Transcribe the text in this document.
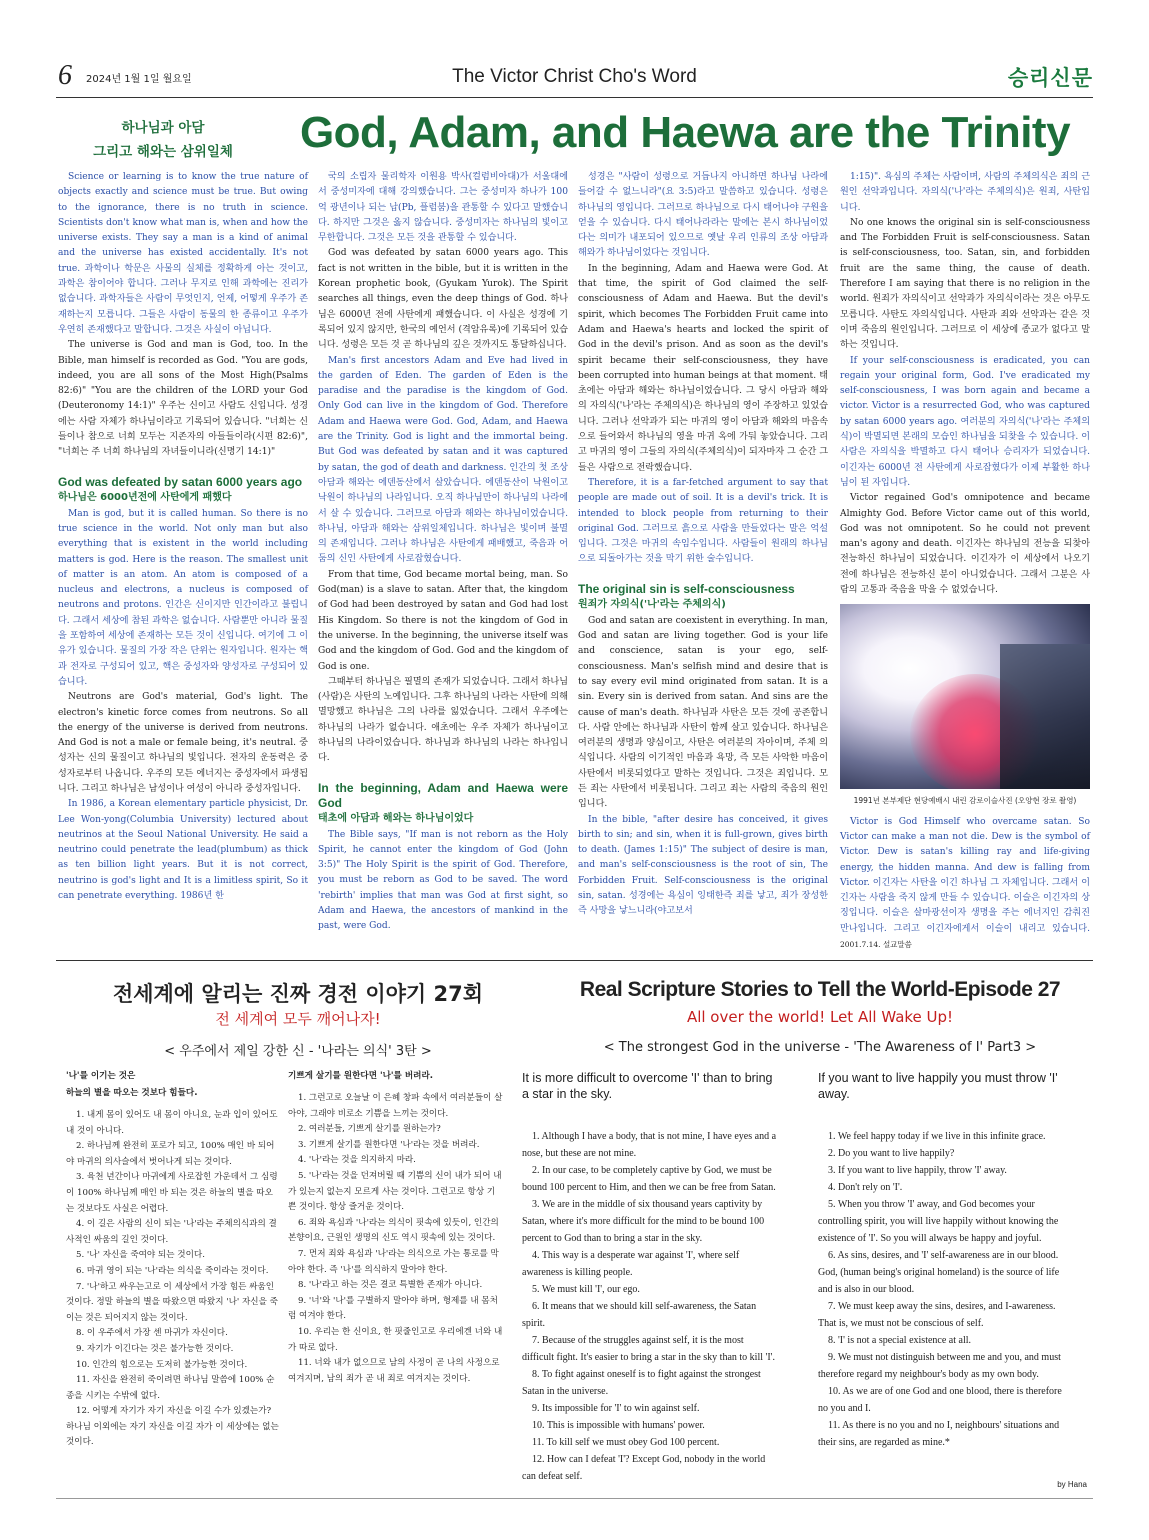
6 2024년 1월 1일 월요일	The Victor Christ Cho's Word	승리신문
하나님과 아담
그리고 해와는 삼위일체	God, Adam, and Haewa are the Trinity

Science or learning is to know the true nature of objects exactly and science must be true. But owing to the ignorance, there is no truth in science. Scientists don't know what man is, when and how the universe exists. They say a man is a kind of animal and the universe has existed accidentally. It's not true. 과학이나 학문은 사물의 실체를 정확하게 아는 것이고, 과학은 참이어야 합니다. 그러나 무지로 인해 과학에는 진리가 없습니다. 과학자들은 사람이 무엇인지, 언제, 어떻게 우주가 존재하는지 모릅니다. 그들은 사람이 동물의 한 종류이고 우주가 우연히 존재했다고 말합니다. 그것은 사실이 아닙니다.

The universe is God and man is God, too. In the Bible, man himself is recorded as God. "You are gods, indeed, you are all sons of the Most High(Psalms 82:6)" "You are the children of the LORD your God (Deuteronomy 14:1)" 우주는 신이고 사람도 신입니다. 성경에는 사람 자체가 하나님이라고 기록되어 있습니다. "너희는 신들이나 참으로 너희 모두는 지존자의 아들들이라(시편 82:6)", "너희는 주 너희 하나님의 자녀들이니라(신명기 14:1)"

God was defeated by satan 6000 years ago
하나님은 6000년전에 사탄에게 패했다

Man is god, but it is called human. So there is no true science in the world. Not only man but also everything that is existent in the world including matters is god. Here is the reason. The smallest unit of matter is an atom. An atom is composed of a nucleus and electrons, a nucleus is composed of neutrons and protons. 인간은 신이지만 인간이라고 불립니다. 그래서 세상에 참된 과학은 없습니다. 사람뿐만 아니라 물질을 포함하여 세상에 존재하는 모든 것이 신입니다. 여기에 그 이유가 있습니다. 물질의 가장 작은 단위는 원자입니다. 원자는 핵과 전자로 구성되어 있고, 핵은 중성자와 양성자로 구성되어 있습니다.

Neutrons are God's material, God's light. The electron's kinetic force comes from neutrons. So all the energy of the universe is derived from neutrons. And God is not a male or female being, it's neutral. 중성자는 신의 물질이고 하나님의 빛입니다. 전자의 운동력은 중성자로부터 나옵니다. 우주의 모든 에너지는 중성자에서 파생됩니다. 그리고 하나님은 남성이나 여성이 아니라 중성자입니다.

In 1986, a Korean elementary particle physicist, Dr. Lee Won-yong(Columbia University) lectured about neutrinos at the Seoul National University. He said a neutrino could penetrate the lead(plumbum) as thick as ten billion light years. But it is not correct, neutrino is god's light and It is a limitless spirit, So it can penetrate everything. 1986년 한

국의 소립자 물리학자 이원용 박사(컬럼비아대)가 서울대에서 중성미자에 대해 강의했습니다. 그는 중성미자 하나가 100억 광년이나 되는 납(Pb, 플럼붐)을 관통할 수 있다고 말했습니다. 하지만 그것은 옳지 않습니다. 중성미자는 하나님의 빛이고 무한합니다. 그것은 모든 것을 관통할 수 있습니다.

God was defeated by satan 6000 years ago. This fact is not written in the bible, but it is written in the Korean prophetic book, (Gyukam Yurok). The Spirit searches all things, even the deep things of God. 하나님은 6000년 전에 사탄에게 패했습니다. 이 사실은 성경에 기록되어 있지 않지만, 한국의 예언서 (격암유록)에 기록되어 있습니다. 성령은 모든 것 곧 하나님의 깊은 것까지도 통달하십니다.

Man's first ancestors Adam and Eve had lived in the garden of Eden. The garden of Eden is the paradise and the paradise is the kingdom of God. Only God can live in the kingdom of God. Therefore Adam and Haewa were God. God, Adam, and Haewa are the Trinity. God is light and the immortal being. But God was defeated by satan and it was captured by satan, the god of death and darkness. 인간의 첫 조상 아담과 해와는 에덴동산에서 살았습니다. 에덴동산이 낙원이고 낙원이 하나님의 나라입니다. 오직 하나님만이 하나님의 나라에서 살 수 있습니다. 그러므로 아담과 해와는 하나님이었습니다. 하나님, 아담과 해와는 삼위일체입니다. 하나님은 빛이며 불멸의 존재입니다. 그러나 하나님은 사탄에게 패배했고, 죽음과 어둠의 신인 사탄에게 사로잡혔습니다.

From that time, God became mortal being, man. So God(man) is a slave to satan. After that, the kingdom of God had been destroyed by satan and God had lost His Kingdom. So there is not the kingdom of God in the universe. In the beginning, the universe itself was God and the kingdom of God. God and the kingdom of God is one.

그때부터 하나님은 필멸의 존재가 되었습니다. 그래서 하나님(사람)은 사탄의 노예입니다. 그후 하나님의 나라는 사탄에 의해 멸망했고 하나님은 그의 나라를 잃었습니다. 그래서 우주에는 하나님의 나라가 없습니다. 애초에는 우주 자체가 하나님이고 하나님의 나라이었습니다. 하나님과 하나님의 나라는 하나입니다.

In the beginning, Adam and Haewa were God
태초에 아담과 해와는 하나님이었다

The Bible says, "If man is not reborn as the Holy Spirit, he cannot enter the kingdom of God (John 3:5)" The Holy Spirit is the spirit of God. Therefore, you must be reborn as God to be saved. The word 'rebirth' implies that man was God at first sight, so Adam and Haewa, the ancestors of mankind in the past, were God.

성경은 "사람이 성령으로 거듭나지 아니하면 하나님 나라에 들어갈 수 없느니라"(요 3:5)라고 말씀하고 있습니다. 성령은 하나님의 영입니다. 그러므로 하나님으로 다시 태어나야 구원을 얻을 수 있습니다. 다시 태어나라라는 말에는 본시 하나님이었다는 의미가 내포되어 있으므로 옛날 우리 인류의 조상 아담과 해와가 하나님이었다는 것입니다.

In the beginning, Adam and Haewa were God. At that time, the spirit of God claimed the self-consciousness of Adam and Haewa. But the devil's spirit, which becomes The Forbidden Fruit came into Adam and Haewa's hearts and locked the spirit of God in the devil's prison. And as soon as the devil's spirit became their self-consciousness, they have been corrupted into human beings at that moment. 태초에는 아담과 해와는 하나님이었습니다. 그 당시 아담과 해와의 자의식('나'라는 주체의식)은 하나님의 영이 주장하고 있었습니다. 그러나 선악과가 되는 마귀의 영이 아담과 해와의 마음속으로 들어와서 하나님의 영을 마귀 옥에 가둬 놓았습니다. 그리고 마귀의 영이 그들의 자의식(주체의식)이 되자마자 그 순간 그들은 사람으로 전락했습니다.

Therefore, it is a far-fetched argument to say that people are made out of soil. It is a devil's trick. It is intended to block people from returning to their original God. 그러므로 흙으로 사람을 만들었다는 말은 억설입니다. 그것은 마귀의 속임수입니다. 사람들이 원래의 하나님으로 되돌아가는 것을 막기 위한 술수입니다.

The original sin is self-consciousness
원죄가 자의식('나'라는 주체의식)

God and satan are coexistent in everything. In man, God and satan are living together. God is your life and conscience, satan is your ego, self- consciousness. Man's selfish mind and desire that is to say every evil mind originated from satan. It is a sin. Every sin is derived from satan. And sins are the cause of man's death. 하나님과 사탄은 모든 것에 공존합니다. 사람 안에는 하나님과 사탄이 함께 살고 있습니다. 하나님은 여러분의 생명과 양심이고, 사탄은 여러분의 자아이며, 주체 의식입니다. 사람의 이기적인 마음과 욕망, 즉 모든 사악한 마음이 사탄에서 비롯되었다고 말하는 것입니다. 그것은 죄입니다. 모든 죄는 사탄에서 비롯됩니다. 그리고 죄는 사람의 죽음의 원인입니다.

In the bible, "after desire has conceived, it gives birth to sin; and sin, when it is full-grown, gives birth to death. (James 1:15)" The subject of desire is man, and man's self-consciousness is the root of sin, The Forbidden Fruit. Self-consciousness is the original sin, satan. 성경에는 욕심이 잉태한즉 죄를 낳고, 죄가 장성한즉 사망을 낳느니라(야고보서

1:15)". 욕심의 주체는 사람이며, 사람의 주체의식은 죄의 근원인 선악과입니다. 자의식('나'라는 주체의식)은 원죄, 사탄입니다.

No one knows the original sin is self-consciousness and The Forbidden Fruit is self-consciousness. Satan is self-consciousness, too. Satan, sin, and forbidden fruit are the same thing, the cause of death. Therefore I am saying that there is no religion in the world. 원죄가 자의식이고 선악과가 자의식이라는 것은 아무도 모릅니다. 사탄도 자의식입니다. 사탄과 죄와 선악과는 같은 것이며 죽음의 원인입니다. 그러므로 이 세상에 종교가 없다고 말하는 것입니다.

If your self-consciousness is eradicated, you can regain your original form, God. I've eradicated my self-consciousness, I was born again and became a victor. Victor is a resurrected God, who was captured by satan 6000 years ago. 여러분의 자의식('나'라는 주체의식)이 박멸되면 본래의 모습인 하나님을 되찾을 수 있습니다. 이 사람은 자의식을 박멸하고 다시 태어나 승리자가 되었습니다. 이긴자는 6000년 전 사탄에게 사로잡혔다가 이제 부활한 하나님이 된 자입니다.

Victor regained God's omnipotence and became Almighty God. Before Victor came out of this world, God was not omnipotent. So he could not prevent man's agony and death. 이긴자는 하나님의 전능을 되찾아 전능하신 하나님이 되었습니다. 이긴자가 이 세상에서 나오기 전에 하나님은 전능하신 분이 아니었습니다. 그래서 그분은 사람의 고통과 죽음을 막을 수 없었습니다.

1991년 본부제단 현당예배시 내린 감로이슬사진 (오양현 장로 촬영)

Victor is God Himself who overcame satan. So Victor can make a man not die. Dew is the symbol of Victor. Dew is satan's killing ray and life-giving energy, the hidden manna. And dew is falling from Victor. 이긴자는 사탄을 이긴 하나님 그 자체입니다. 그래서 이긴자는 사람을 죽지 않게 만들 수 있습니다. 이슬은 이긴자의 상징입니다. 이슬은 살마광선이자 생명을 주는 에너지인 감춰진 만나입니다. 그리고 이긴자에게서 이슬이 내리고 있습니다. 2001.7.14. 설교말씀

전세계에 알리는 진짜 경전 이야기 27회
전 세계여 모두 깨어나자!
< 우주에서 제일 강한 신 - '나라는 의식' 3탄 >
Real Scripture Stories to Tell the World-Episode 27
All over the world! Let All Wake Up!
< The strongest God in the universe - 'The Awareness of I' Part3 >
'나'를 이기는 것은
하늘의 별을 따오는 것보다 힘들다.

1. 내게 몸이 있어도 내 몸이 아니요, 눈과 입이 있어도 내 것이 아니다.

2. 하나님께 완전히 포로가 되고, 100% 매인 바 되어야 마귀의 의사슬에서 벗어나게 되는 것이다.

3. 육천 년간이나 마귀에게 사로잡힌 가운데서 그 심령이 100% 하나님께 매인 바 되는 것은 하늘의 별을 따오는 것보다도 사실은 어렵다.

4. 이 길은 사람의 신이 되는 '나'라는 주체의식과의 결사적인 싸움의 길인 것이다.

5. '나' 자신을 죽여야 되는 것이다.

6. 마귀 영이 되는 '나'라는 의식을 죽이라는 것이다.

7. '나'하고 싸우는고로 이 세상에서 가장 힘든 싸움인 것이다. 정말 하늘의 별을 따왔으면 따왔지 '나' 자신을 죽이는 것은 되어지지 않는 것이다.

8. 이 우주에서 가장 센 마귀가 자신이다.

9. 자기가 이긴다는 것은 불가능한 것이다.

10. 인간의 힘으로는 도저히 불가능한 것이다.

11. 자신을 완전히 죽이려면 하나님 말씀에 100% 순종을 시키는 수밖에 없다.

12. 어떻게 자기가 자기 자신을 이길 수가 있겠는가? 하나님 이외에는 자기 자신을 이길 자가 이 세상에는 없는 것이다.

기쁘게 살기를 원한다면 '나'를 버려라.

1. 그런고로 오늘날 이 은혜 창파 속에서 여러분들이 살아야, 그래야 비로소 기쁨을 느끼는 것이다.

2. 여러분들, 기쁘게 살기를 원하는가?

3. 기쁘게 살기를 원한다면 '나'라는 것을 버려라.

4. '나'라는 것을 의지하지 마라.

5. '나'라는 것을 던져버릴 때 기쁨의 신이 내가 되어 내가 있는지 없는지 모르게 사는 것이다. 그런고로 항상 기쁜 것이다. 항상 즐거운 것이다.

6. 죄와 욕심과 '나'라는 의식이 핏속에 있듯이, 인간의 본향이요, 근원인 생명의 신도 역시 핏속에 있는 것이다.

7. 먼저 죄와 욕심과 '나'라는 의식으로 가는 통로를 막아야 한다. 즉 '나'를 의식하지 말아야 한다.

8. '나'라고 하는 것은 결코 특별한 존재가 아니다.

9. '너'와 '나'를 구별하지 말아야 하며, 형제를 내 몸처럼 여겨야 한다.

10. 우리는 한 신이요, 한 핏줄인고로 우리에겐 너와 내가 따로 없다.

11. 너와 내가 없으므로 남의 사정이 곧 나의 사정으로 여겨지며, 남의 죄가 곧 내 죄로 여겨지는 것이다.

It is more difficult to overcome 'I' than to bring a star in the sky.

1. Although I have a body, that is not mine, I have eyes and a nose, but these are not mine.

2. In our case, to be completely captive by God, we must be bound 100 percent to Him, and then we can be free from Satan.

3. We are in the middle of six thousand years captivity by Satan, where it's more difficult for the mind to be bound 100 percent to God than to bring a star in the sky.

4. This way is a desperate war against 'I', where self awareness is killing people.

5. We must kill 'I', our ego.

6. It means that we should kill self-awareness, the Satan spirit.

7. Because of the struggles against self, it is the most difficult fight. It's easier to bring a star in the sky than to kill 'I'.

8. To fight against oneself is to fight against the strongest Satan in the universe.

9. Its impossible for 'I' to win against self.

10. This is impossible with humans' power.

11. To kill self we must obey God 100 percent.

12. How can I defeat 'I'? Except God, nobody in the world can defeat self.

If you want to live happily you must throw 'I' away.

1. We feel happy today if we live in this infinite grace.

2. Do you want to live happily?

3. If you want to live happily, throw 'I' away.

4. Don't rely on 'I'.

5. When you throw 'I' away, and God becomes your controlling spirit, you will live happily without knowing the existence of 'I'. So you will always be happy and joyful.

6. As sins, desires, and 'I' self-awareness are in our blood. God, (human being's original homeland) is the source of life and is also in our blood.

7. We must keep away the sins, desires, and I-awareness. That is, we must not be conscious of self.

8. 'I' is not a special existence at all.

9. We must not distinguish between me and you, and must therefore regard my neighbour's body as my own body.

10. As we are of one God and one blood, there is therefore no you and I.

11. As there is no you and no I, neighbours' situations and their sins, are regarded as mine.*

by Hana
